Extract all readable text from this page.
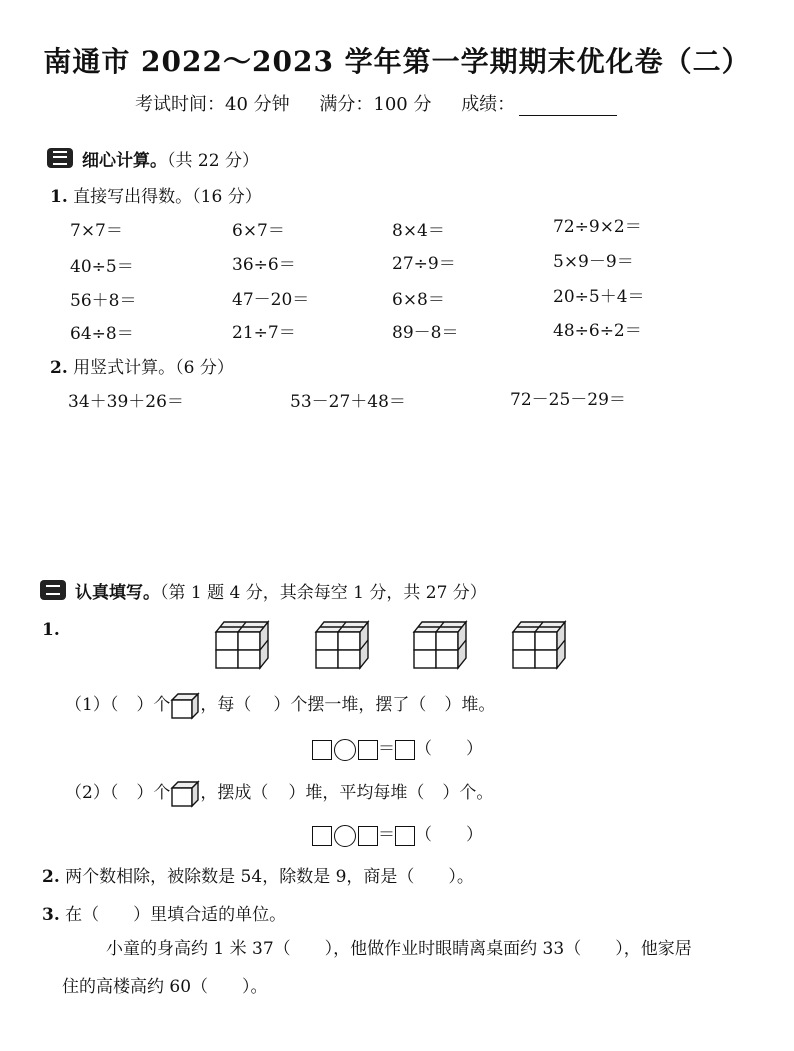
南通市 2022～2023 学年第一学期期末优化卷（二）
考试时间：40 分钟 满分：100 分 成绩：
细心计算。（共 22 分）
1. 直接写出得数。（16 分）
7×7＝	6×7＝	8×4＝	72÷9×2＝
40÷5＝	36÷6＝	27÷9＝	5×9－9＝
56＋8＝	47－20＝	6×8＝	20÷5＋4＝
64÷8＝	21÷7＝	89－8＝	48÷6÷2＝
2. 用竖式计算。（6 分）
34＋39＋26＝	53－27＋48＝	72－25－29＝
认真填写。（第 1 题 4 分，其余每空 1 分，共 27 分）
1.
（1）（ ）个 ，每（ ）个摆一堆，摆了（ ）堆。
＝ （　　）
（2）（ ）个 ，摆成（ ）堆，平均每堆（ ）个。
＝ （　　）
2. 两个数相除，被除数是 54，除数是 9，商是（　　）。
3. 在（　　）里填合适的单位。
小童的身高约 1 米 37（　　），他做作业时眼睛离桌面约 33（　　），他家居
住的高楼高约 60（　　）。
